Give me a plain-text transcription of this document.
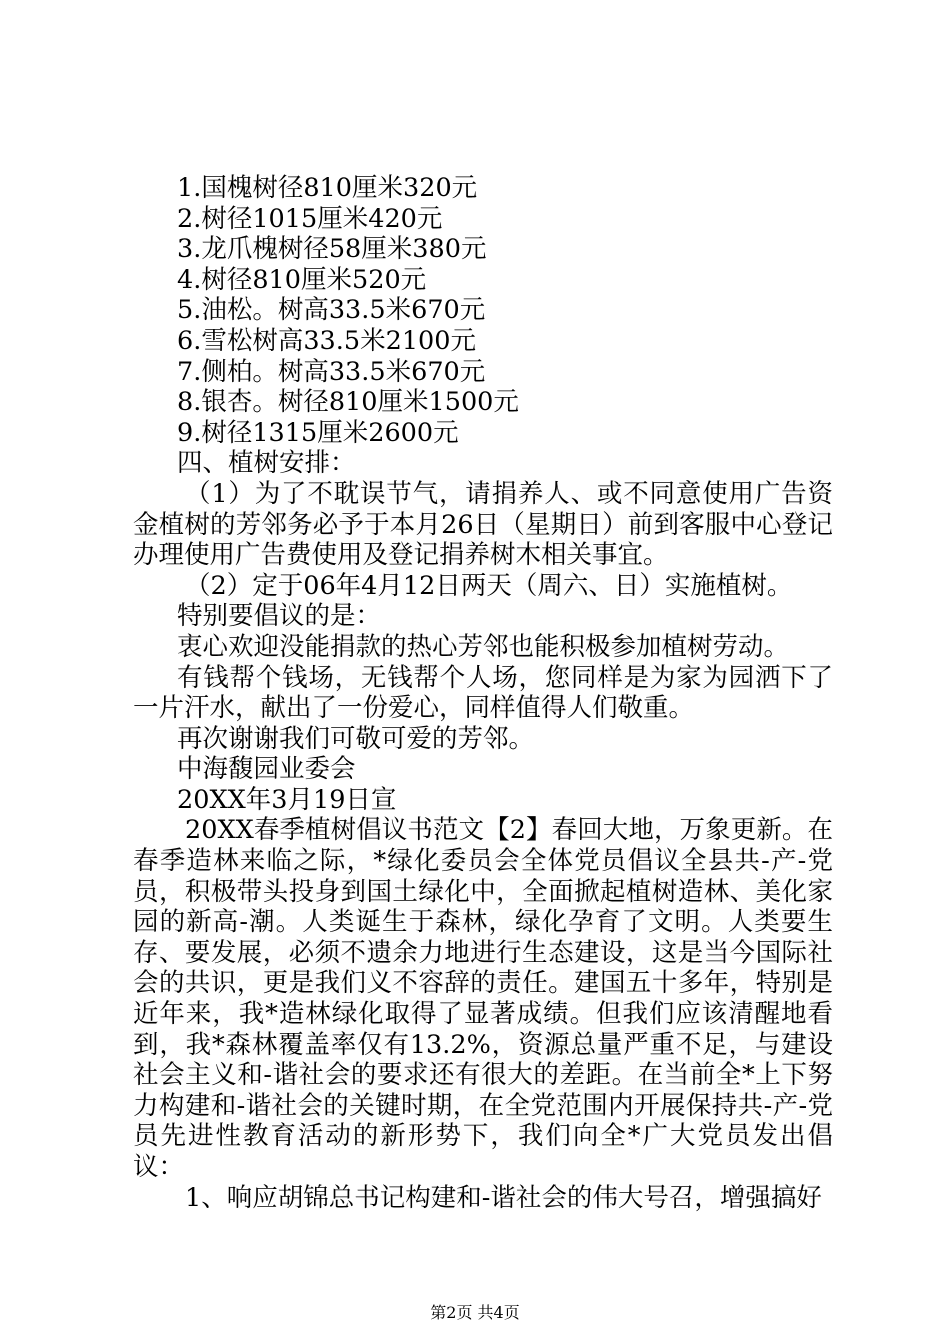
1.国槐树径810厘米320元

2.树径1015厘米420元

3.龙爪槐树径58厘米380元

4.树径810厘米520元

5.油松。树高33.5米670元

6.雪松树高33.5米2100元

7.侧柏。树高33.5米670元

8.银杏。树径810厘米1500元

9.树径1315厘米2600元

四、植树安排：

（1）为了不耽误节气，请捐养人、或不同意使用广告资金植树的芳邻务必予于本月26日（星期日）前到客服中心登记办理使用广告费使用及登记捐养树木相关事宜。

（2）定于06年4月12日两天（周六、日）实施植树。

特别要倡议的是：

衷心欢迎没能捐款的热心芳邻也能积极参加植树劳动。

有钱帮个钱场，无钱帮个人场，您同样是为家为园洒下了一片汗水，献出了一份爱心，同样值得人们敬重。

再次谢谢我们可敬可爱的芳邻。

中海馥园业委会

20XX年3月19日宣

20XX春季植树倡议书范文【2】春回大地，万象更新。在春季造林来临之际，*绿化委员会全体党员倡议全县共-产-党员，积极带头投身到国土绿化中，全面掀起植树造林、美化家园的新高-潮。人类诞生于森林，绿化孕育了文明。人类要生存、要发展，必须不遗余力地进行生态建设，这是当今国际社会的共识，更是我们义不容辞的责任。建国五十多年，特别是近年来，我*造林绿化取得了显著成绩。但我们应该清醒地看到，我*森林覆盖率仅有13.2%，资源总量严重不足，与建设社会主义和-谐社会的要求还有很大的差距。在当前全*上下努力构建和-谐社会的关键时期，在全党范围内开展保持共-产-党员先进性教育活动的新形势下，我们向全*广大党员发出倡议：

1、响应胡锦总书记构建和-谐社会的伟大号召，增强搞好

第2页 共4页
